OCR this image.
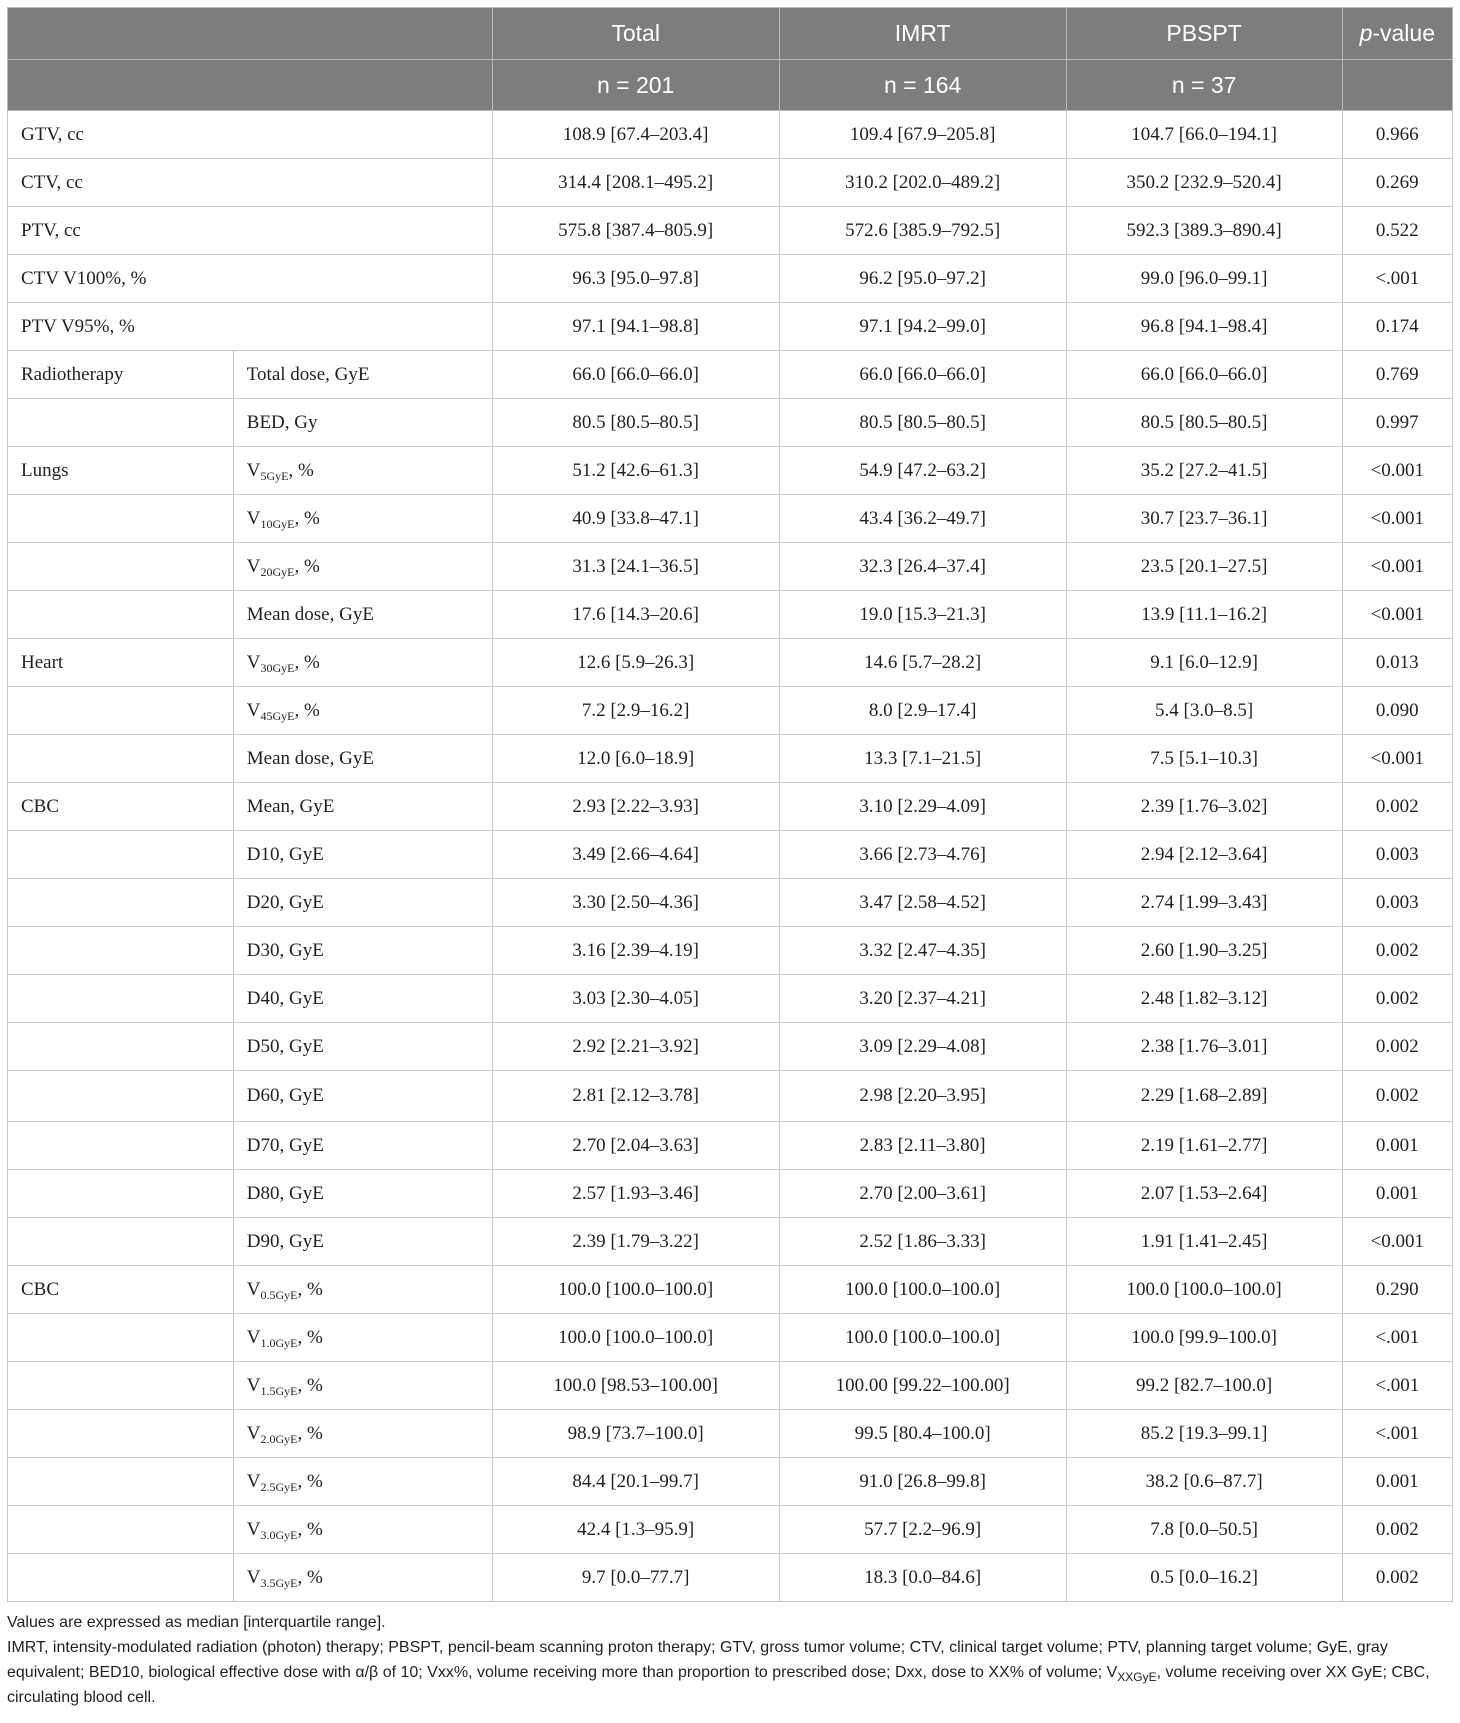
		Total	IMRT	PBSPT	p-value
		n = 201	n = 164	n = 37	
GTV, cc		108.9 [67.4–203.4]	109.4 [67.9–205.8]	104.7 [66.0–194.1]	0.966
CTV, cc		314.4 [208.1–495.2]	310.2 [202.0–489.2]	350.2 [232.9–520.4]	0.269
PTV, cc		575.8 [387.4–805.9]	572.6 [385.9–792.5]	592.3 [389.3–890.4]	0.522
CTV V100%, %		96.3 [95.0–97.8]	96.2 [95.0–97.2]	99.0 [96.0–99.1]	<.001
PTV V95%, %		97.1 [94.1–98.8]	97.1 [94.2–99.0]	96.8 [94.1–98.4]	0.174
Radiotherapy	Total dose, GyE	66.0 [66.0–66.0]	66.0 [66.0–66.0]	66.0 [66.0–66.0]	0.769
	BED, Gy	80.5 [80.5–80.5]	80.5 [80.5–80.5]	80.5 [80.5–80.5]	0.997
Lungs	$V_{5GyE}$, %	51.2 [42.6–61.3]	54.9 [47.2–63.2]	35.2 [27.2–41.5]	<0.001
	$V_{10GyE}$, %	40.9 [33.8–47.1]	43.4 [36.2–49.7]	30.7 [23.7–36.1]	<0.001
	$V_{20GyE}$, %	31.3 [24.1–36.5]	32.3 [26.4–37.4]	23.5 [20.1–27.5]	<0.001
	Mean dose, GyE	17.6 [14.3–20.6]	19.0 [15.3–21.3]	13.9 [11.1–16.2]	<0.001
Heart	$V_{30GyE}$, %	12.6 [5.9–26.3]	14.6 [5.7–28.2]	9.1 [6.0–12.9]	0.013
	$V_{45GyE}$, %	7.2 [2.9–16.2]	8.0 [2.9–17.4]	5.4 [3.0–8.5]	0.090
	Mean dose, GyE	12.0 [6.0–18.9]	13.3 [7.1–21.5]	7.5 [5.1–10.3]	<0.001
CBC	Mean, GyE	2.93 [2.22–3.93]	3.10 [2.29–4.09]	2.39 [1.76–3.02]	0.002
	D10, GyE	3.49 [2.66–4.64]	3.66 [2.73–4.76]	2.94 [2.12–3.64]	0.003
	D20, GyE	3.30 [2.50–4.36]	3.47 [2.58–4.52]	2.74 [1.99–3.43]	0.003
	D30, GyE	3.16 [2.39–4.19]	3.32 [2.47–4.35]	2.60 [1.90–3.25]	0.002
	D40, GyE	3.03 [2.30–4.05]	3.20 [2.37–4.21]	2.48 [1.82–3.12]	0.002
	D50, GyE	2.92 [2.21–3.92]	3.09 [2.29–4.08]	2.38 [1.76–3.01]	0.002
	D60, GyE	2.81 [2.12–3.78]	2.98 [2.20–3.95]	2.29 [1.68–2.89]	0.002
	D70, GyE	2.70 [2.04–3.63]	2.83 [2.11–3.80]	2.19 [1.61–2.77]	0.001
	D80, GyE	2.57 [1.93–3.46]	2.70 [2.00–3.61]	2.07 [1.53–2.64]	0.001
	D90, GyE	2.39 [1.79–3.22]	2.52 [1.86–3.33]	1.91 [1.41–2.45]	<0.001
CBC	$V_{0.5GyE}$, %	100.0 [100.0–100.0]	100.0 [100.0–100.0]	100.0 [100.0–100.0]	0.290
	$V_{1.0GyE}$, %	100.0 [100.0–100.0]	100.0 [100.0–100.0]	100.0 [99.9–100.0]	<.001
	$V_{1.5GyE}$, %	100.0 [98.53–100.00]	100.00 [99.22–100.00]	99.2 [82.7–100.0]	<.001
	$V_{2.0GyE}$, %	98.9 [73.7–100.0]	99.5 [80.4–100.0]	85.2 [19.3–99.1]	<.001
	$V_{2.5GyE}$, %	84.4 [20.1–99.7]	91.0 [26.8–99.8]	38.2 [0.6–87.7]	0.001
	$V_{3.0GyE}$, %	42.4 [1.3–95.9]	57.7 [2.2–96.9]	7.8 [0.0–50.5]	0.002
	$V_{3.5GyE}$, %	9.7 [0.0–77.7]	18.3 [0.0–84.6]	0.5 [0.0–16.2]	0.002

Values are expressed as median [interquartile range].

IMRT, intensity-modulated radiation (photon) therapy; PBSPT, pencil-beam scanning proton therapy; GTV, gross tumor volume; CTV, clinical target volume; PTV, planning target volume; GyE, gray equivalent; BED10, biological effective dose with α/β of 10; Vxx%, volume receiving more than proportion to prescribed dose; Dxx, dose to XX% of volume; $V_{XXGyE}$, volume receiving over XX GyE; CBC, circulating blood cell.
